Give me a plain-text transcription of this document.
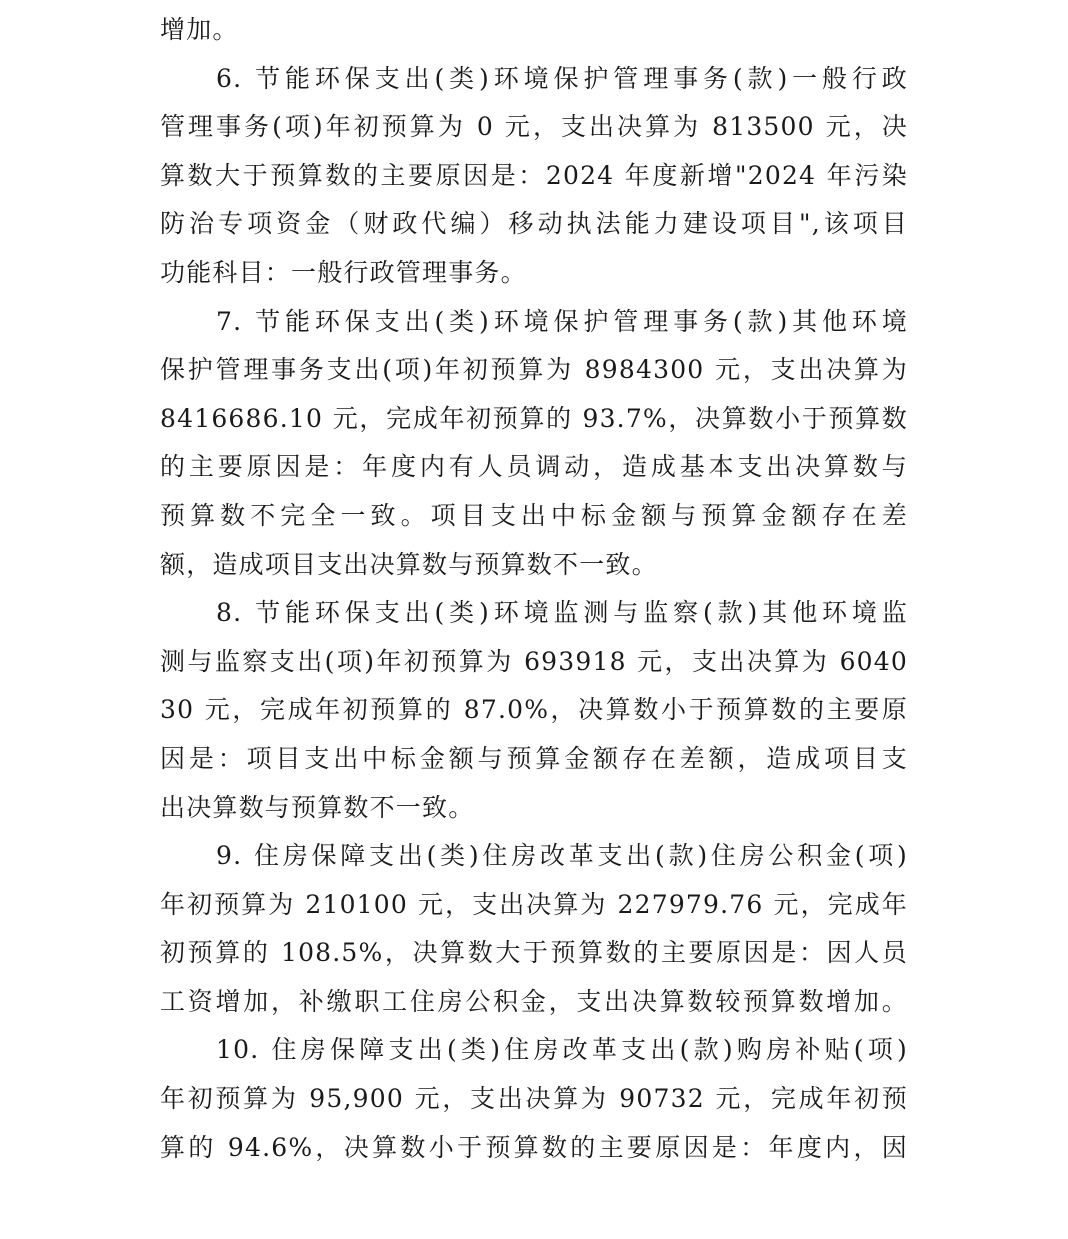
增加。
6. 节能环保支出(类)环境保护管理事务(款)一般行政
管理事务(项)年初预算为 0 元，支出决算为 813500 元，决
算数大于预算数的主要原因是：2024 年度新增"2024 年污染
防治专项资金（财政代编）移动执法能力建设项目",该项目
功能科目：一般行政管理事务。
7. 节能环保支出(类)环境保护管理事务(款)其他环境
保护管理事务支出(项)年初预算为 8984300 元，支出决算为
8416686.10 元，完成年初预算的 93.7%，决算数小于预算数
的主要原因是：年度内有人员调动，造成基本支出决算数与
预算数不完全一致。项目支出中标金额与预算金额存在差
额，造成项目支出决算数与预算数不一致。
8. 节能环保支出(类)环境监测与监察(款)其他环境监
测与监察支出(项)年初预算为 693918 元，支出决算为 6040
30 元，完成年初预算的 87.0%，决算数小于预算数的主要原
因是：项目支出中标金额与预算金额存在差额，造成项目支
出决算数与预算数不一致。
9. 住房保障支出(类)住房改革支出(款)住房公积金(项)
年初预算为 210100 元，支出决算为 227979.76 元，完成年
初预算的 108.5%，决算数大于预算数的主要原因是：因人员
工资增加，补缴职工住房公积金，支出决算数较预算数增加。
10. 住房保障支出(类)住房改革支出(款)购房补贴(项)
年初预算为 95,900 元，支出决算为 90732 元，完成年初预
算的 94.6%，决算数小于预算数的主要原因是：年度内，因
